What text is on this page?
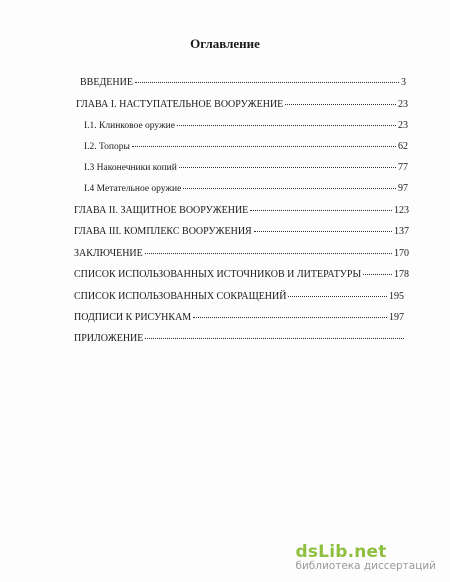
Оглавление
ВВЕДЕНИЕ	3
ГЛАВА I. НАСТУПАТЕЛЬНОЕ ВООРУЖЕНИЕ	23
I.1. Клинковое оружие	23
I.2. Топоры	62
I.3 Наконечники копий	77
I.4 Метательное оружие	97
ГЛАВА II. ЗАЩИТНОЕ ВООРУЖЕНИЕ	123
ГЛАВА III. КОМПЛЕКС ВООРУЖЕНИЯ	137
ЗАКЛЮЧЕНИЕ	170
СПИСОК ИСПОЛЬЗОВАННЫХ ИСТОЧНИКОВ И ЛИТЕРАТУРЫ	178
СПИСОК ИСПОЛЬЗОВАННЫХ СОКРАЩЕНИЙ	195
ПОДПИСИ К РИСУНКАМ	197
ПРИЛОЖЕНИЕ
dsLib.net
библиотека диссертаций
